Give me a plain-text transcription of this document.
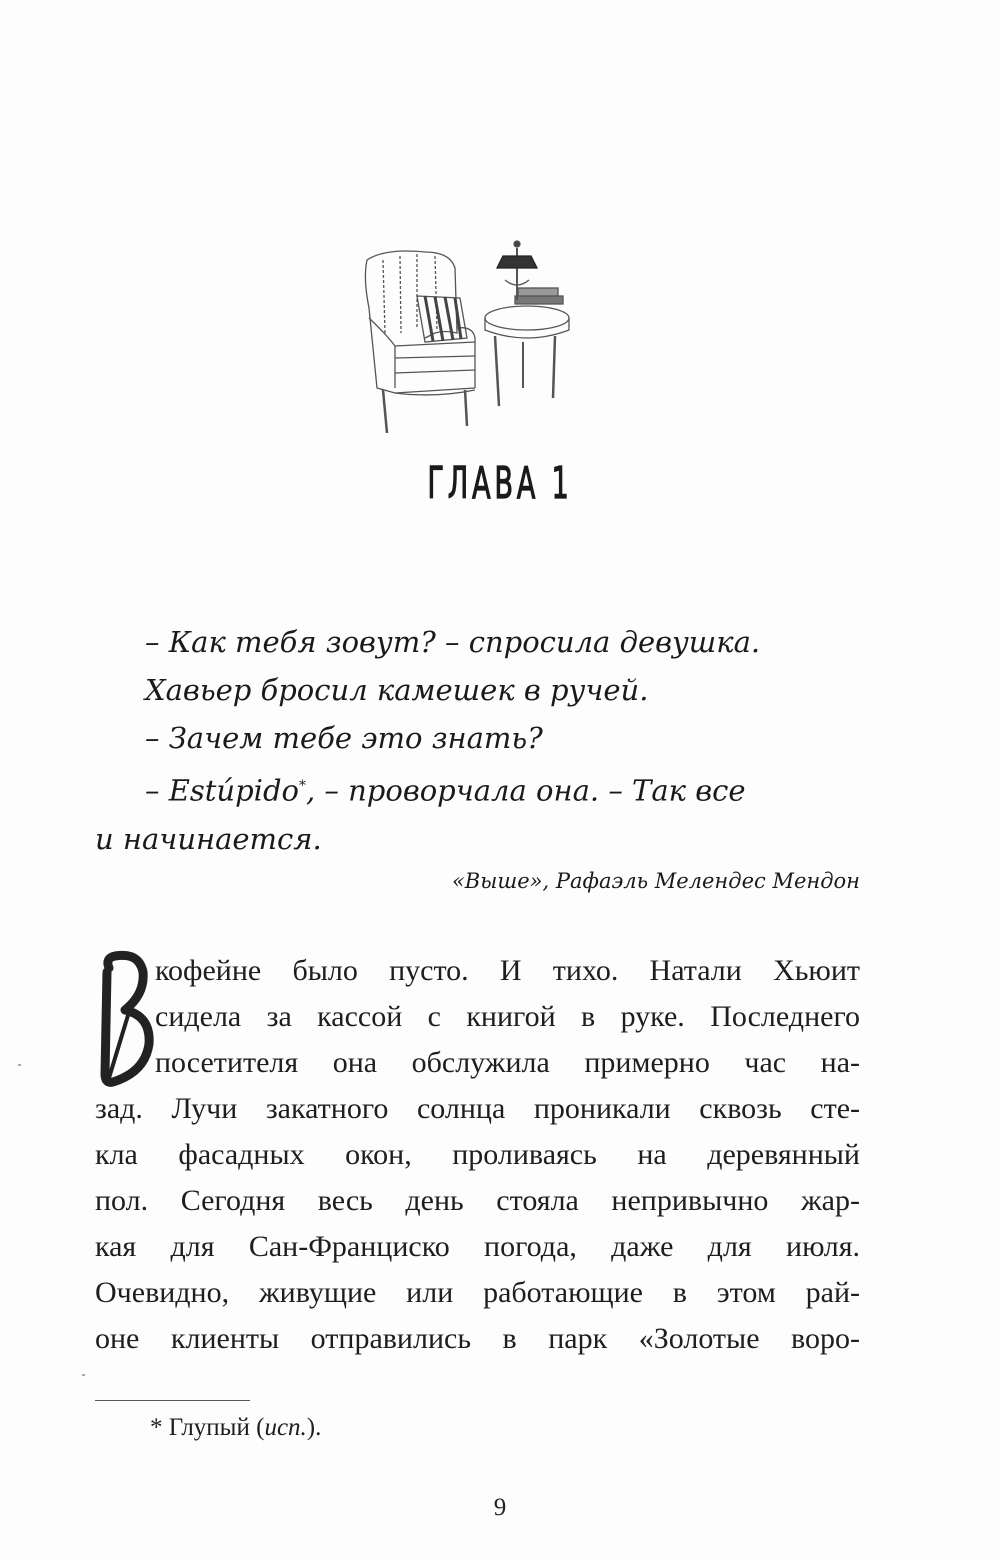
ГЛАВА 1

– Как тебя зовут? – спросила девушка.

Хавьер бросил камешек в ручей.

– Зачем тебе это знать?

– Estúpido*, – проворчала она. – Так все

и начинается.

«Выше», Рафаэль Мелендес Мендон

кофейне было пусто. И тихо. Натали Хьюит
сидела за кассой с книгой в руке. Последнего
посетителя она обслужила примерно час на-
зад. Лучи закатного солнца проникали сквозь сте-
кла фасадных окон, проливаясь на деревянный
пол. Сегодня весь день стояла непривычно жар-
кая для Сан-Франциско погода, даже для июля.
Очевидно, живущие или работающие в этом рай-
оне клиенты отправились в парк «Золотые воро-
* Глупый (исп.).
9
